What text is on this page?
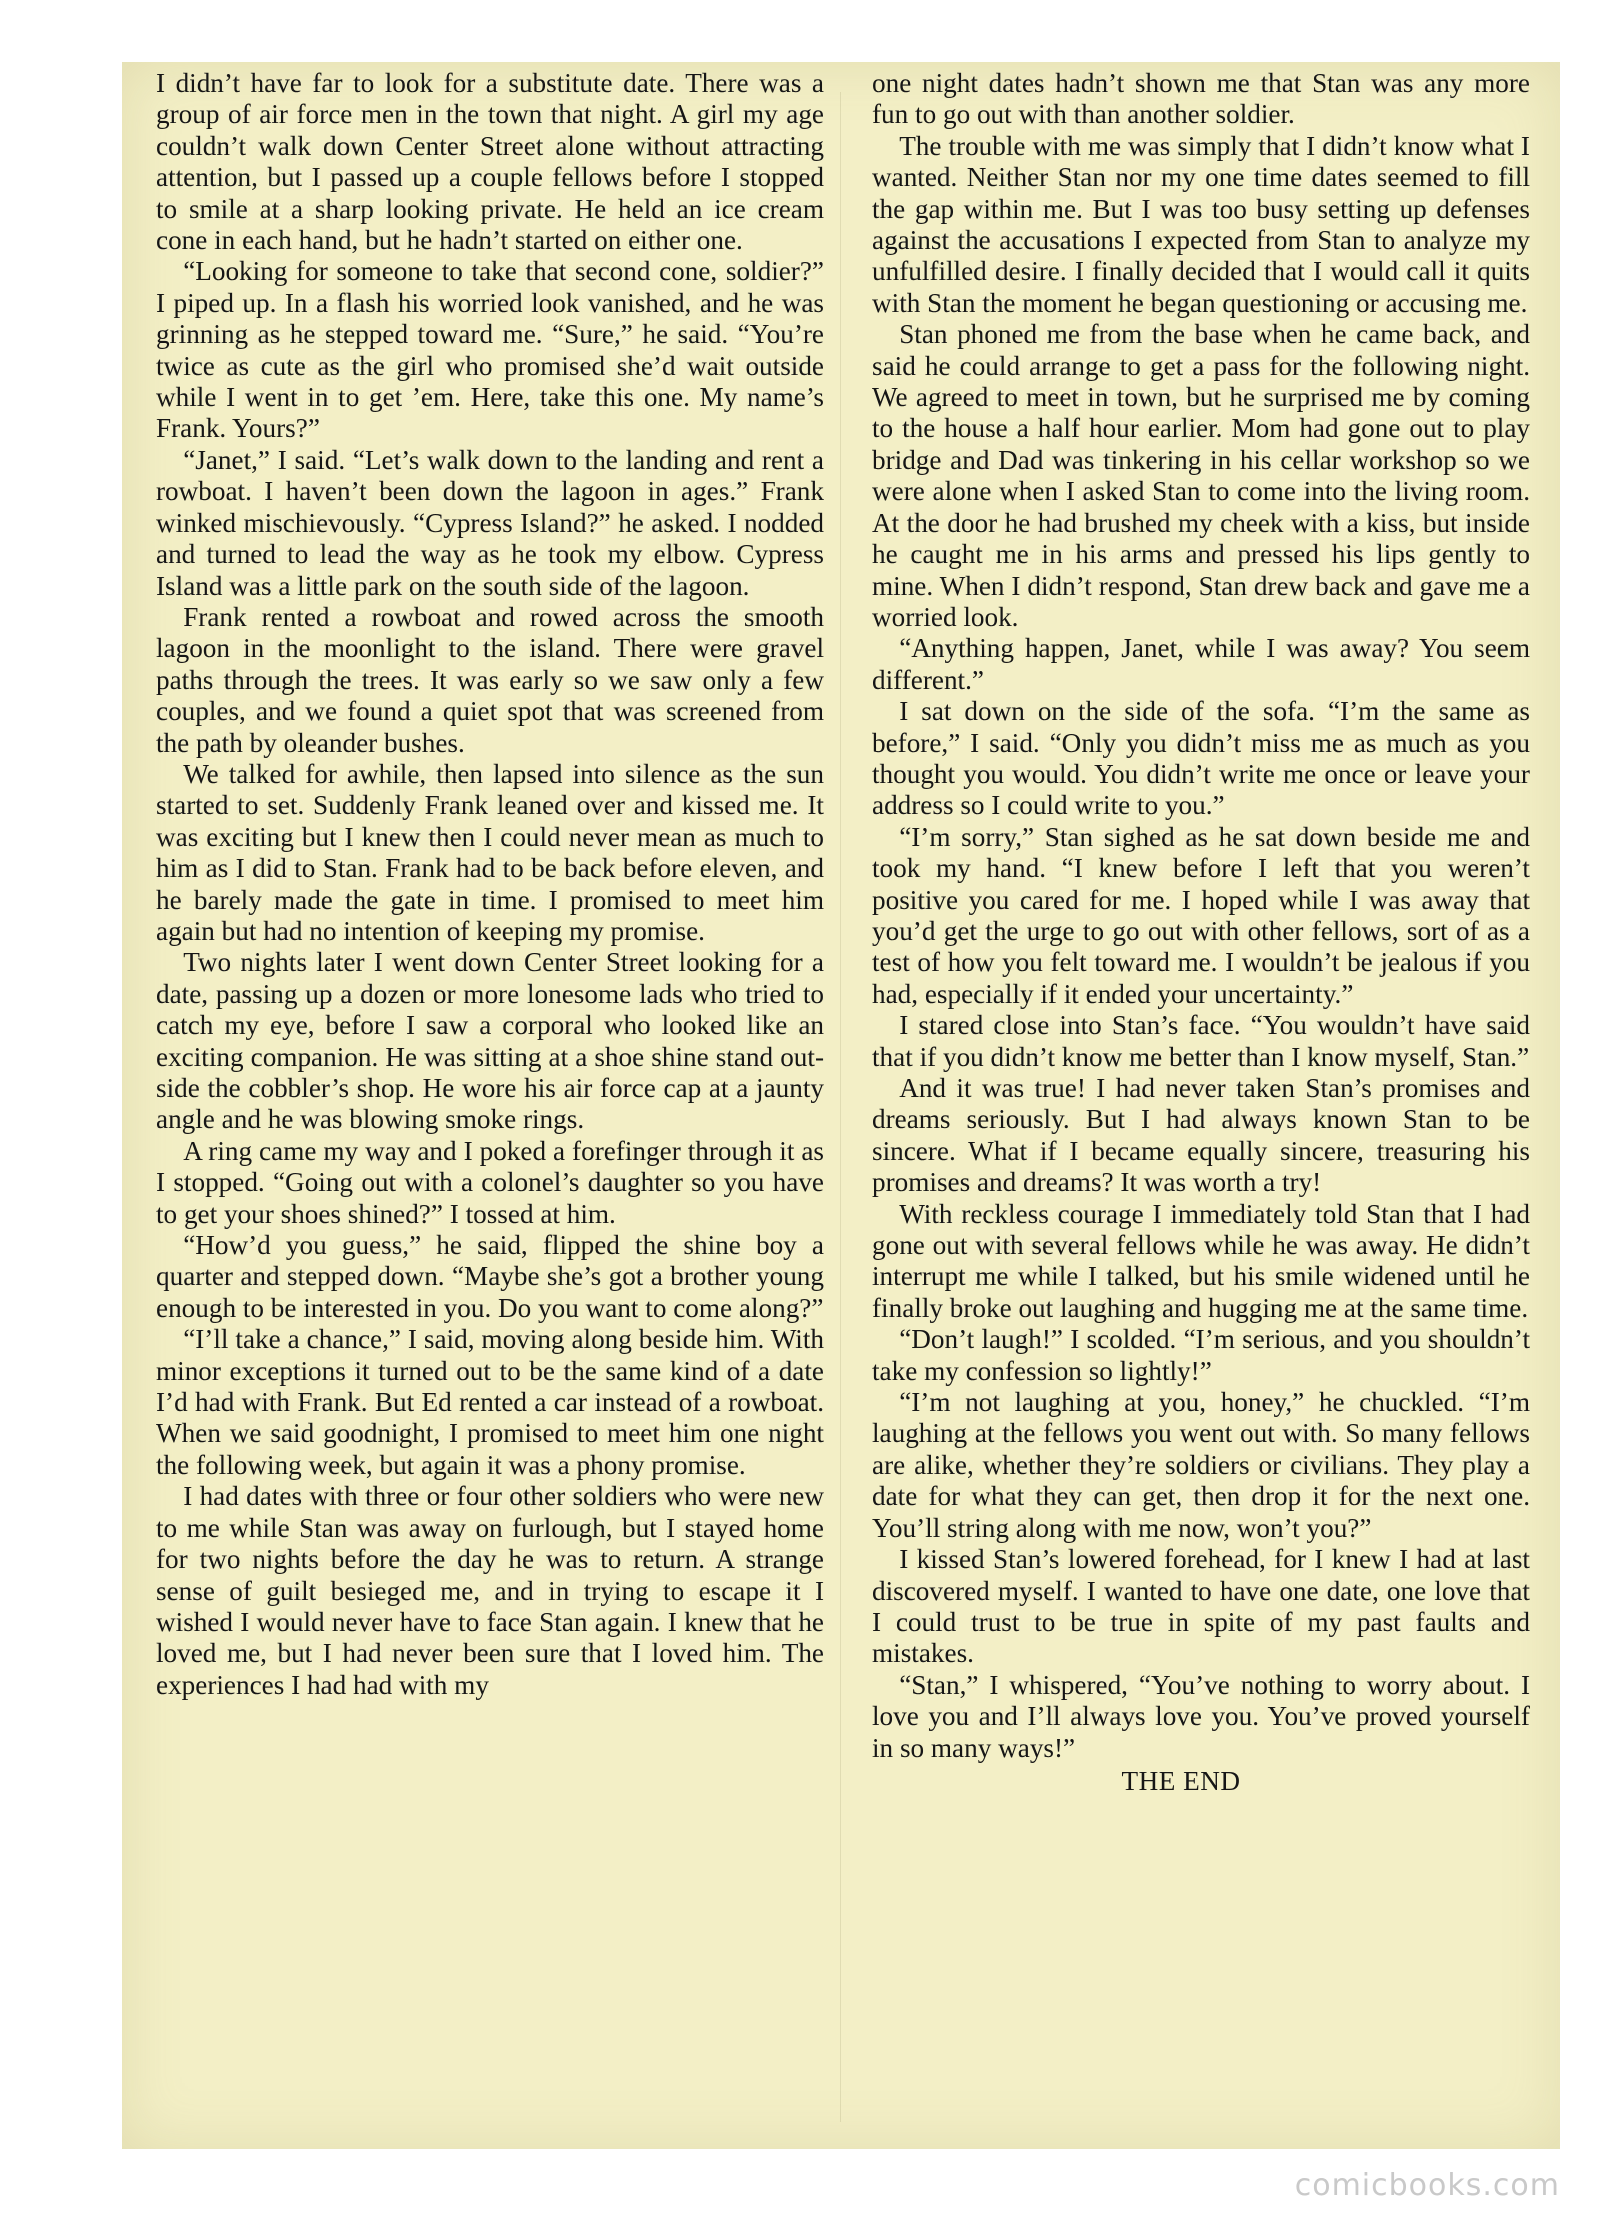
I didn’t have far to look for a substitute date. There was a group of air force men in the town that night. A girl my age couldn’t walk down Center Street alone without attracting attention, but I passed up a couple fellows before I stopped to smile at a sharp looking private. He held an ice cream cone in each hand, but he hadn’t started on either one.

“Looking for someone to take that second cone, soldier?” I piped up. In a flash his worried look vanished, and he was grinning as he stepped toward me. “Sure,” he said. “You’re twice as cute as the girl who promised she’d wait outside while I went in to get ’em. Here, take this one. My name’s Frank. Yours?”

“Janet,” I said. “Let’s walk down to the landing and rent a rowboat. I haven’t been down the lagoon in ages.” Frank winked mischievously. “Cypress Island?” he asked. I nodded and turned to lead the way as he took my elbow. Cypress Island was a little park on the south side of the lagoon.

Frank rented a rowboat and rowed across the smooth lagoon in the moonlight to the island. There were gravel paths through the trees. It was early so we saw only a few couples, and we found a quiet spot that was screened from the path by oleander bushes.

We talked for awhile, then lapsed into silence as the sun started to set. Suddenly Frank leaned over and kissed me. It was exciting but I knew then I could never mean as much to him as I did to Stan. Frank had to be back before eleven, and he barely made the gate in time. I promised to meet him again but had no intention of keeping my promise.

Two nights later I went down Center Street looking for a date, passing up a dozen or more lonesome lads who tried to catch my eye, before I saw a corporal who looked like an exciting companion. He was sitting at a shoe shine stand outside the cobbler’s shop. He wore his air force cap at a jaunty angle and he was blowing smoke rings.

A ring came my way and I poked a forefinger through it as I stopped. “Going out with a colonel’s daughter so you have to get your shoes shined?” I tossed at him.

“How’d you guess,” he said, flipped the shine boy a quarter and stepped down. “Maybe she’s got a brother young enough to be interested in you. Do you want to come along?”

“I’ll take a chance,” I said, moving along beside him. With minor exceptions it turned out to be the same kind of a date I’d had with Frank. But Ed rented a car instead of a rowboat. When we said goodnight, I promised to meet him one night the following week, but again it was a phony promise.

I had dates with three or four other soldiers who were new to me while Stan was away on furlough, but I stayed home for two nights before the day he was to return. A strange sense of guilt besieged me, and in trying to escape it I wished I would never have to face Stan again. I knew that he loved me, but I had never been sure that I loved him. The experiences I had had with my

one night dates hadn’t shown me that Stan was any more fun to go out with than another soldier.

The trouble with me was simply that I didn’t know what I wanted. Neither Stan nor my one time dates seemed to fill the gap within me. But I was too busy setting up defenses against the accusations I expected from Stan to analyze my unfulfilled desire. I finally decided that I would call it quits with Stan the moment he began questioning or accusing me.

Stan phoned me from the base when he came back, and said he could arrange to get a pass for the following night. We agreed to meet in town, but he surprised me by coming to the house a half hour earlier. Mom had gone out to play bridge and Dad was tinkering in his cellar workshop so we were alone when I asked Stan to come into the living room. At the door he had brushed my cheek with a kiss, but inside he caught me in his arms and pressed his lips gently to mine. When I didn’t respond, Stan drew back and gave me a worried look.

“Anything happen, Janet, while I was away? You seem different.”

I sat down on the side of the sofa. “I’m the same as before,” I said. “Only you didn’t miss me as much as you thought you would. You didn’t write me once or leave your address so I could write to you.”

“I’m sorry,” Stan sighed as he sat down beside me and took my hand. “I knew before I left that you weren’t positive you cared for me. I hoped while I was away that you’d get the urge to go out with other fellows, sort of as a test of how you felt toward me. I wouldn’t be jealous if you had, especially if it ended your uncertainty.”

I stared close into Stan’s face. “You wouldn’t have said that if you didn’t know me better than I know myself, Stan.”

And it was true! I had never taken Stan’s promises and dreams seriously. But I had always known Stan to be sincere. What if I became equally sincere, treasuring his promises and dreams? It was worth a try!

With reckless courage I immediately told Stan that I had gone out with several fellows while he was away. He didn’t interrupt me while I talked, but his smile widened until he finally broke out laughing and hugging me at the same time.

“Don’t laugh!” I scolded. “I’m serious, and you shouldn’t take my confession so lightly!”

“I’m not laughing at you, honey,” he chuckled. “I’m laughing at the fellows you went out with. So many fellows are alike, whether they’re soldiers or civilians. They play a date for what they can get, then drop it for the next one. You’ll string along with me now, won’t you?”

I kissed Stan’s lowered forehead, for I knew I had at last discovered myself. I wanted to have one date, one love that I could trust to be true in spite of my past faults and mistakes.

“Stan,” I whispered, “You’ve nothing to worry about. I love you and I’ll always love you. You’ve proved yourself in so many ways!”

THE END
comicbooks.com
